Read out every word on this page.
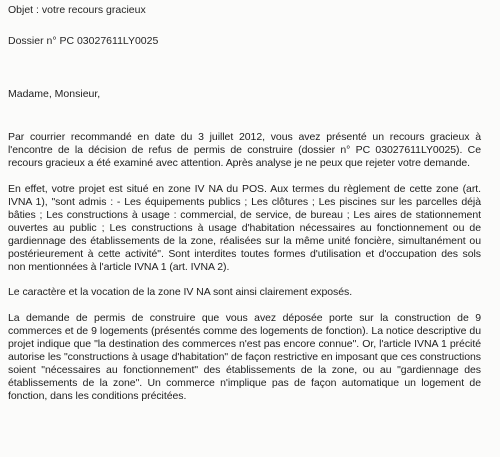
Objet : votre recours gracieux
Dossier n° PC 03027611LY0025
Madame, Monsieur,

Par courrier recommandé en date du 3 juillet 2012, vous avez présenté un recours gracieux à l'encontre de la décision de refus de permis de construire (dossier n° PC 03027611LY0025). Ce recours gracieux a été examiné avec attention. Après analyse je ne peux que rejeter votre demande.

En effet, votre projet est situé en zone IV NA du POS. Aux termes du règlement de cette zone (art. IVNA 1), "sont admis : - Les équipements publics ; Les clôtures ; Les piscines sur les parcelles déjà bâties ; Les constructions à usage : commercial, de service, de bureau ; Les aires de stationnement ouvertes au public ; Les constructions à usage d'habitation nécessaires au fonctionnement ou de gardiennage des établissements de la zone, réalisées sur la même unité foncière, simultanément ou postérieurement à cette activité". Sont interdites toutes formes d'utilisation et d'occupation des sols non mentionnées à l'article IVNA 1 (art. IVNA 2).

Le caractère et la vocation de la zone IV NA sont ainsi clairement exposés.

La demande de permis de construire que vous avez déposée porte sur la construction de 9 commerces et de 9 logements (présentés comme des logements de fonction). La notice descriptive du projet indique que "la destination des commerces n'est pas encore connue". Or, l'article IVNA 1 précité autorise les "constructions à usage d'habitation" de façon restrictive en imposant que ces constructions soient "nécessaires au fonctionnement" des établissements de la zone, ou au "gardiennage des établissements de la zone". Un commerce n'implique pas de façon automatique un logement de fonction, dans les conditions précitées.
